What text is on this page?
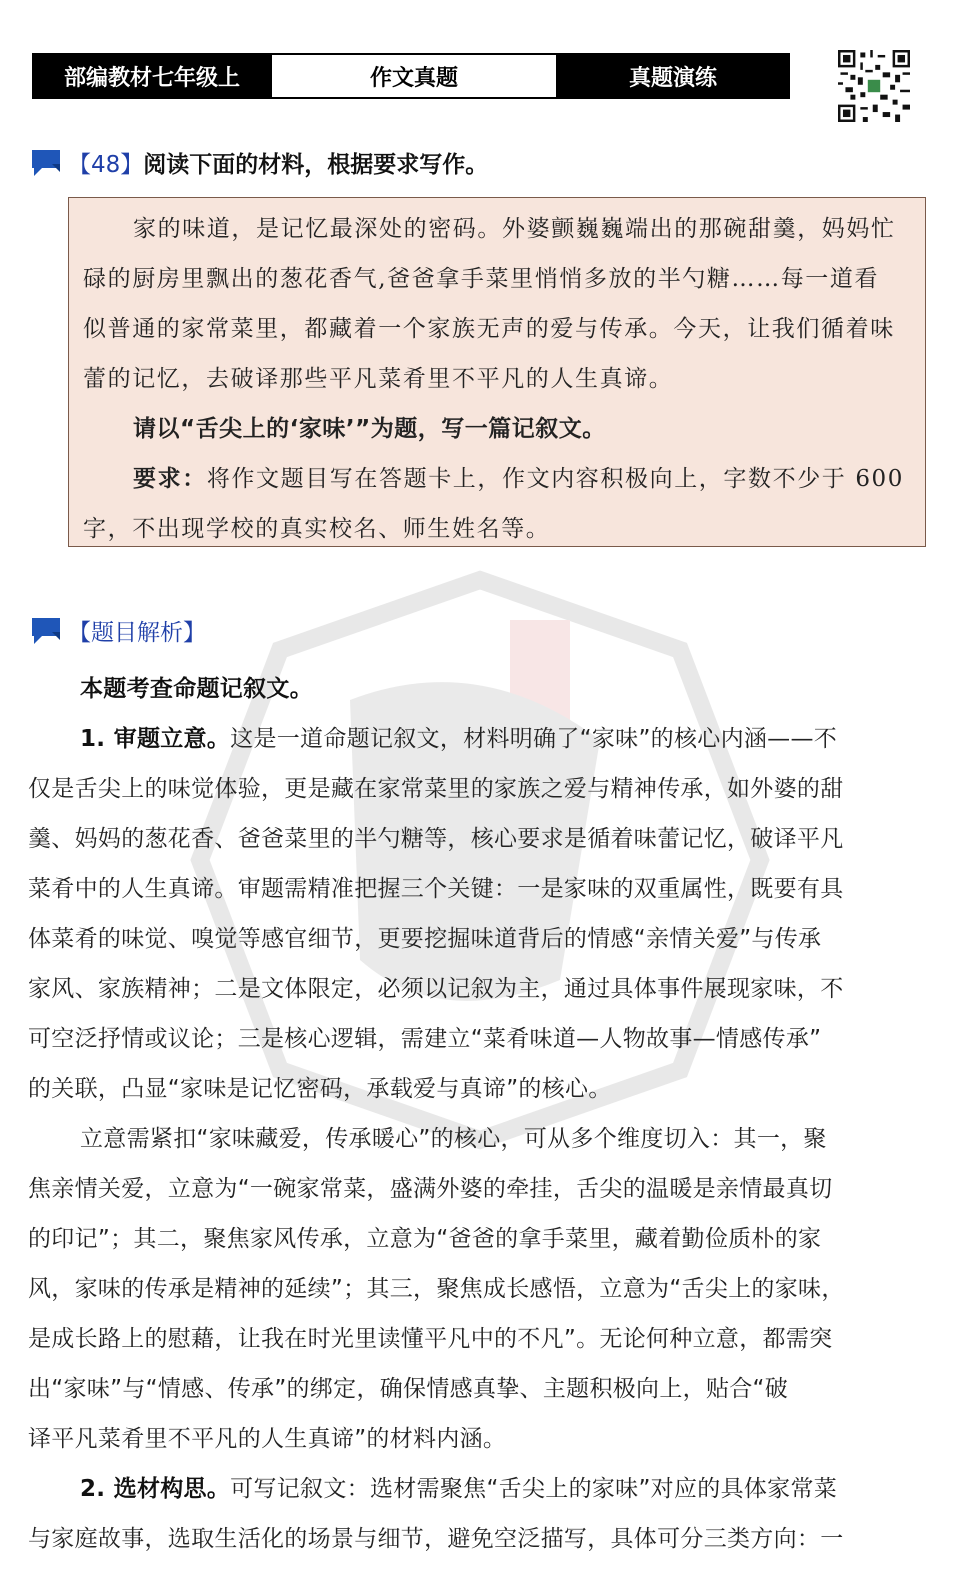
部编教材七年级上	作文真题	真题演练
【48】 阅读下面的材料，根据要求写作。
家的味道，是记忆最深处的密码。外婆颤巍巍端出的那碗甜羹，妈妈忙
碌的厨房里飘出的葱花香气,爸爸拿手菜里悄悄多放的半勺糖……每一道看
似普通的家常菜里，都藏着一个家族无声的爱与传承。今天，让我们循着味
蕾的记忆，去破译那些平凡菜肴里不平凡的人生真谛。
请以“舌尖上的‘家味’”为题，写一篇记叙文。
要求：将作文题目写在答题卡上，作文内容积极向上，字数不少于 600
字，不出现学校的真实校名、师生姓名等。
【题目解析】
本题考查命题记叙文。
1. 审题立意。这是一道命题记叙文，材料明确了“家味”的核心内涵——不
仅是舌尖上的味觉体验，更是藏在家常菜里的家族之爱与精神传承，如外婆的甜
羹、妈妈的葱花香、爸爸菜里的半勺糖等，核心要求是循着味蕾记忆，破译平凡
菜肴中的人生真谛。审题需精准把握三个关键：一是家味的双重属性，既要有具
体菜肴的味觉、嗅觉等感官细节，更要挖掘味道背后的情感“亲情关爱”与传承
家风、家族精神；二是文体限定，必须以记叙为主，通过具体事件展现家味，不
可空泛抒情或议论；三是核心逻辑，需建立“菜肴味道—人物故事—情感传承”
的关联，凸显“家味是记忆密码，承载爱与真谛”的核心。
立意需紧扣“家味藏爱，传承暖心”的核心，可从多个维度切入：其一，聚
焦亲情关爱，立意为“一碗家常菜，盛满外婆的牵挂，舌尖的温暖是亲情最真切
的印记”；其二，聚焦家风传承，立意为“爸爸的拿手菜里，藏着勤俭质朴的家
风，家味的传承是精神的延续”；其三，聚焦成长感悟，立意为“舌尖上的家味，
是成长路上的慰藉，让我在时光里读懂平凡中的不凡”。无论何种立意，都需突
出“家味”与“情感、传承”的绑定，确保情感真挚、主题积极向上，贴合“破
译平凡菜肴里不平凡的人生真谛”的材料内涵。
2. 选材构思。可写记叙文：选材需聚焦“舌尖上的家味”对应的具体家常菜
与家庭故事，选取生活化的场景与细节，避免空泛描写，具体可分三类方向：一
